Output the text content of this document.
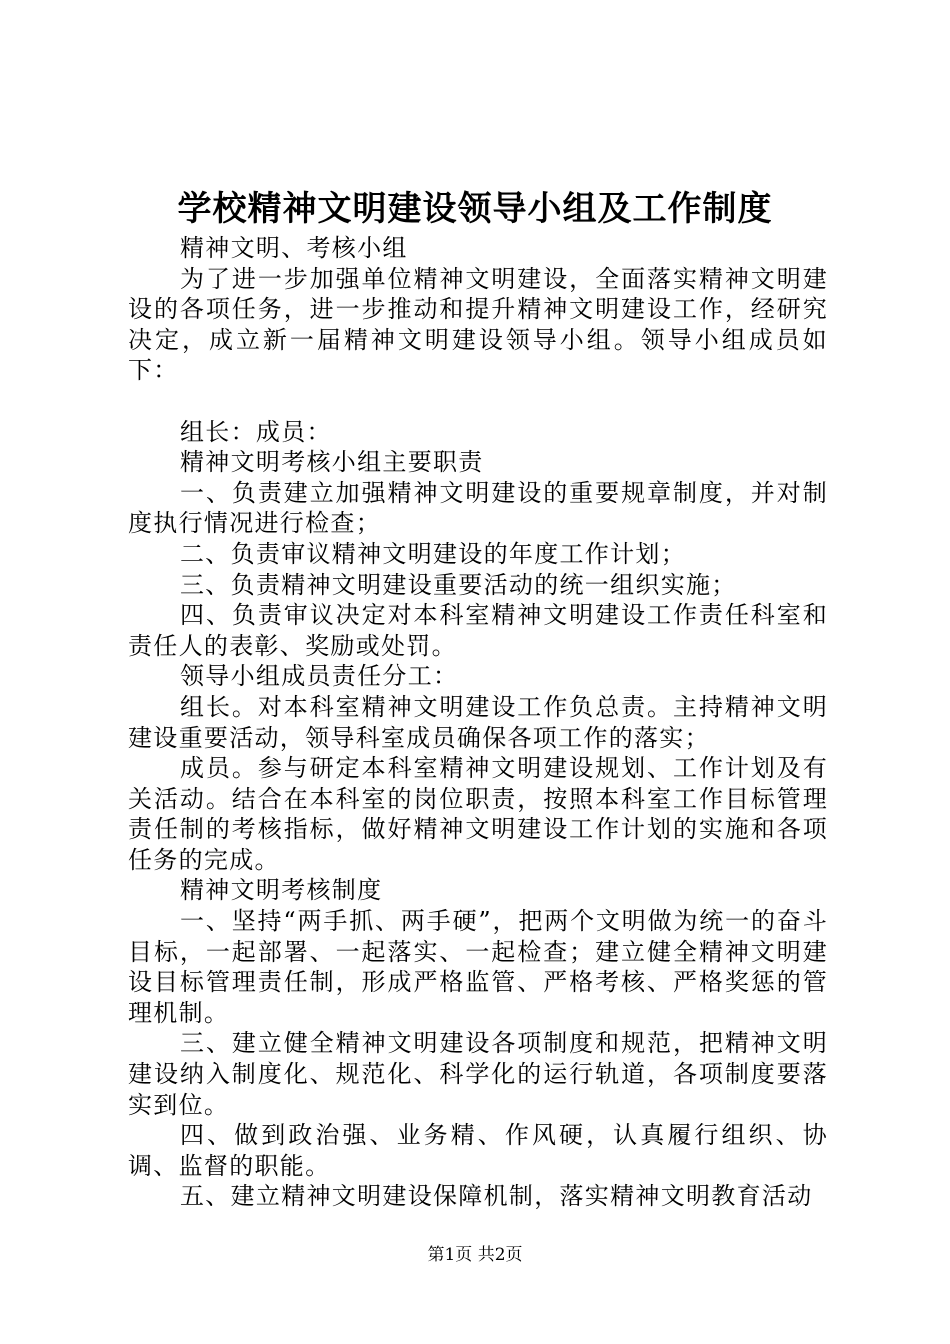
学校精神文明建设领导小组及工作制度

精神文明、考核小组

为了进一步加强单位精神文明建设，全面落实精神文明建设的各项任务，进一步推动和提升精神文明建设工作，经研究决定，成立新一届精神文明建设领导小组。领导小组成员如下：

组长：成员：

精神文明考核小组主要职责

一、负责建立加强精神文明建设的重要规章制度，并对制度执行情况进行检查；

二、负责审议精神文明建设的年度工作计划；

三、负责精神文明建设重要活动的统一组织实施；

四、负责审议决定对本科室精神文明建设工作责任科室和责任人的表彰、奖励或处罚。

领导小组成员责任分工：

组长。对本科室精神文明建设工作负总责。主持精神文明建设重要活动，领导科室成员确保各项工作的落实；

成员。参与研定本科室精神文明建设规划、工作计划及有关活动。结合在本科室的岗位职责，按照本科室工作目标管理责任制的考核指标，做好精神文明建设工作计划的实施和各项任务的完成。

精神文明考核制度

一、坚持“两手抓、两手硬”，把两个文明做为统一的奋斗目标，一起部署、一起落实、一起检查；建立健全精神文明建设目标管理责任制，形成严格监管、严格考核、严格奖惩的管理机制。

三、建立健全精神文明建设各项制度和规范，把精神文明建设纳入制度化、规范化、科学化的运行轨道，各项制度要落实到位。

四、做到政治强、业务精、作风硬，认真履行组织、协调、监督的职能。

五、建立精神文明建设保障机制，落实精神文明教育活动

第1页 共2页
